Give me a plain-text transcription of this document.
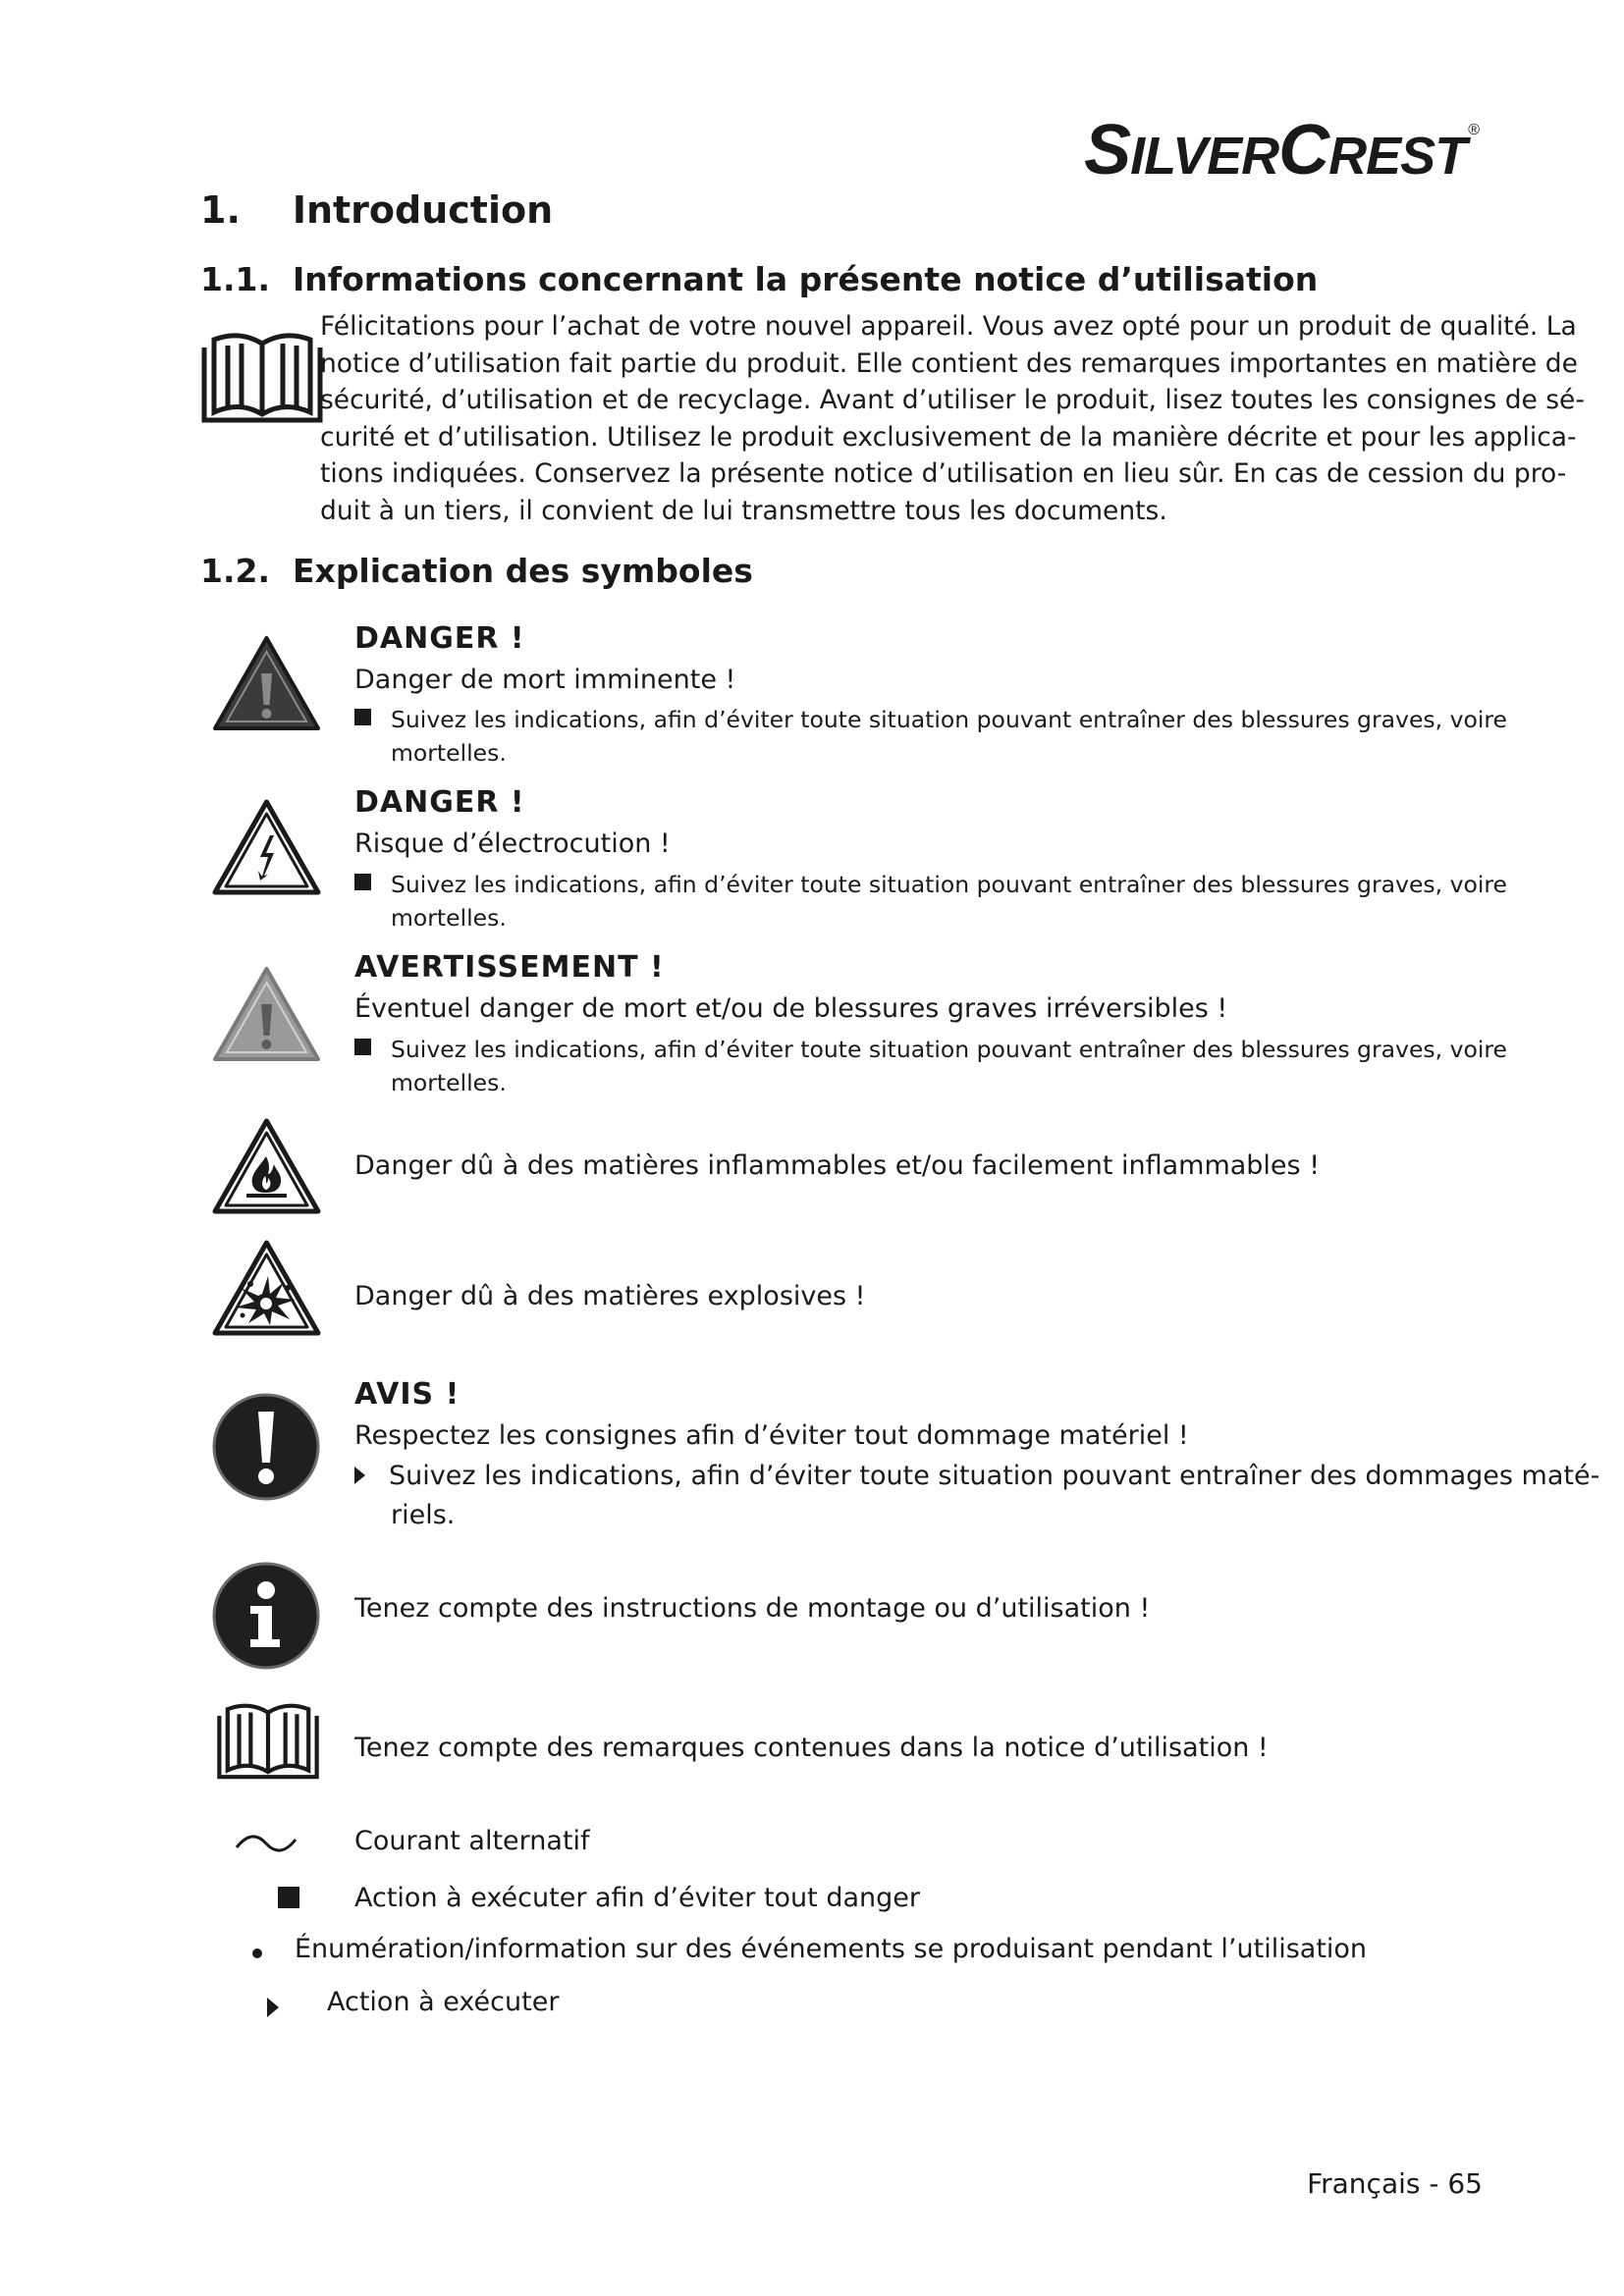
SILVERCREST ®
1. Introduction
1.1. Informations concernant la présente notice d’utilisation
Félicitations pour l’achat de votre nouvel appareil. Vous avez opté pour un produit de qualité. La
notice d’utilisation fait partie du produit. Elle contient des remarques importantes en matière de
sécurité, d’utilisation et de recyclage. Avant d’utiliser le produit, lisez toutes les consignes de sé-
curité et d’utilisation. Utilisez le produit exclusivement de la manière décrite et pour les applica-
tions indiquées. Conservez la présente notice d’utilisation en lieu sûr. En cas de cession du pro-
duit à un tiers, il convient de lui transmettre tous les documents.
1.2. Explication des symboles
DANGER !
Danger de mort imminente !
Suivez les indications, afin d’éviter toute situation pouvant entraîner des blessures graves, voire
mortelles.
DANGER !
Risque d’électrocution !
Suivez les indications, afin d’éviter toute situation pouvant entraîner des blessures graves, voire
mortelles.
AVERTISSEMENT !
Éventuel danger de mort et/ou de blessures graves irréversibles !
Suivez les indications, afin d’éviter toute situation pouvant entraîner des blessures graves, voire
mortelles.
Danger dû à des matières inflammables et/ou facilement inflammables !
Danger dû à des matières explosives !
AVIS !
Respectez les consignes afin d’éviter tout dommage matériel !
Suivez les indications, afin d’éviter toute situation pouvant entraîner des dommages maté-
riels.
Tenez compte des instructions de montage ou d’utilisation !
Tenez compte des remarques contenues dans la notice d’utilisation !
Courant alternatif
Action à exécuter afin d’éviter tout danger
Énumération/information sur des événements se produisant pendant l’utilisation
Action à exécuter
Français - 65
